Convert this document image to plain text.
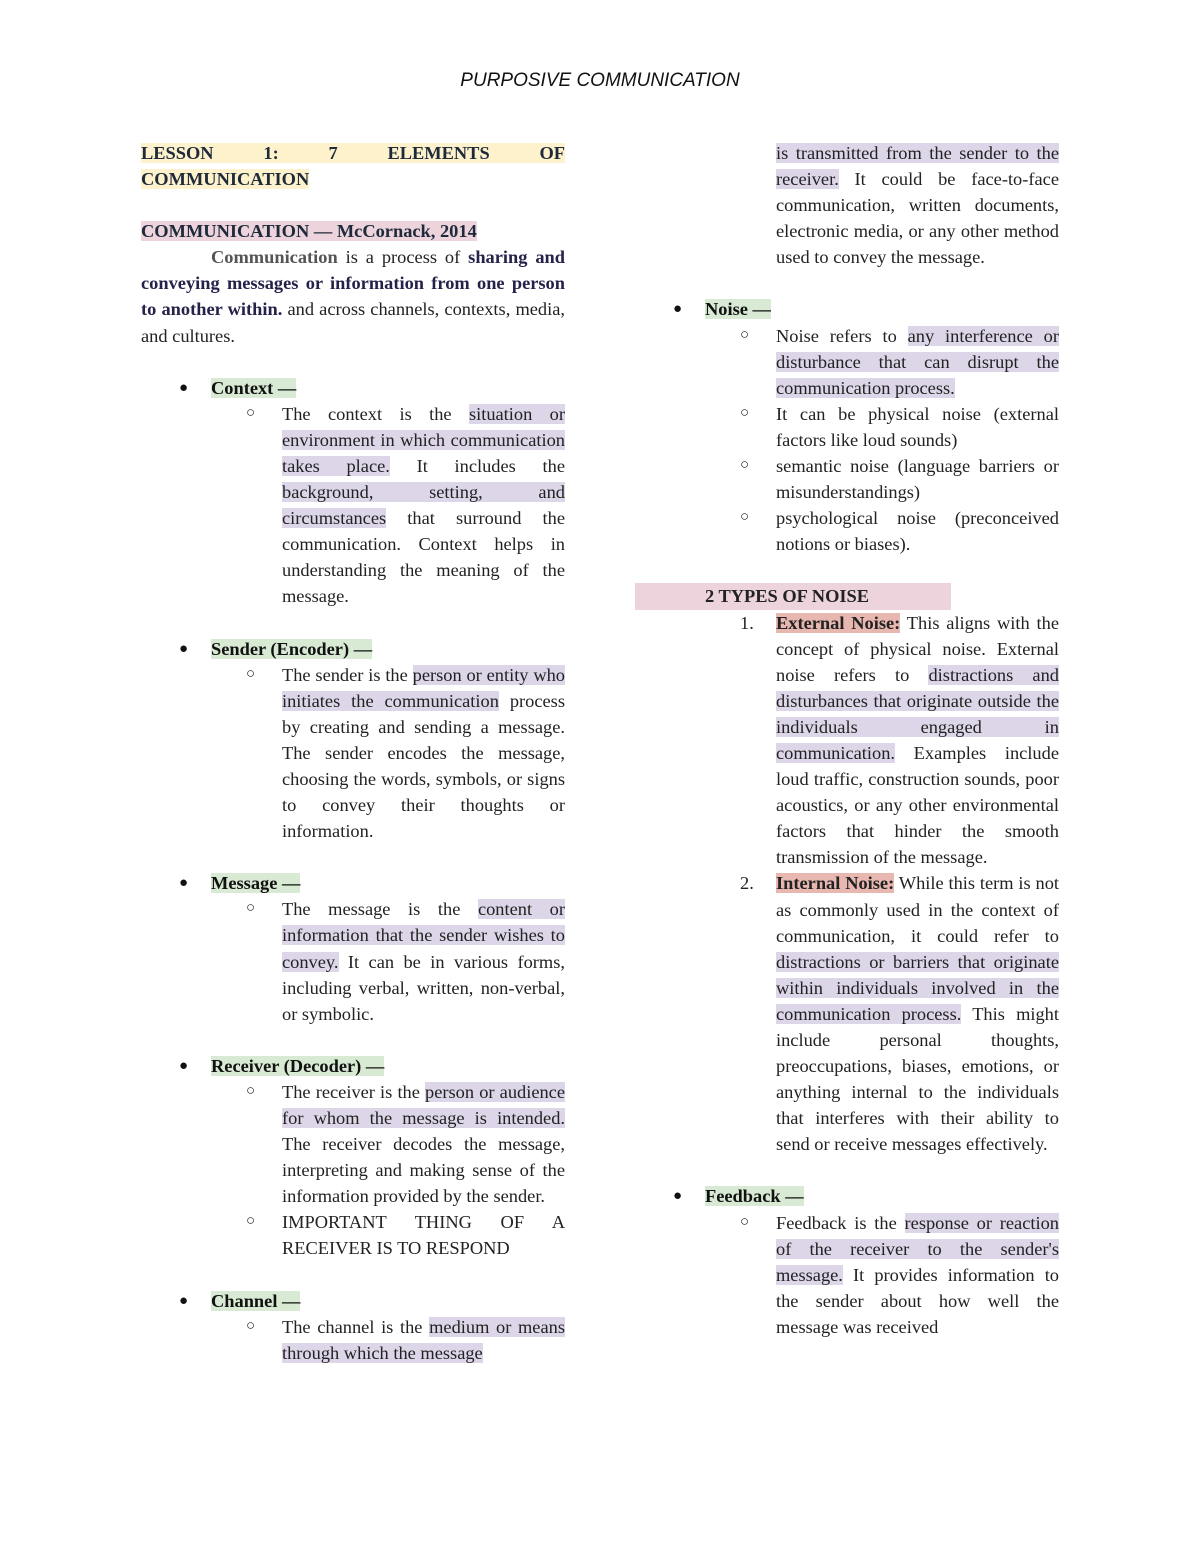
PURPOSIVE COMMUNICATION

LESSON 1: 7 ELEMENTS OF

COMMUNICATION

COMMUNICATION — McCornack, 2014

Communication is a process of sharing and conveying messages or information from one person to another within. and across channels, contexts, media, and cultures.

● Context —

○ The context is the situation or environment in which communication takes place. It includes the background, setting, and circumstances that surround the communication. Context helps in understanding the meaning of the message.

● Sender (Encoder) —

○ The sender is the person or entity who initiates the communication process by creating and sending a message. The sender encodes the message, choosing the words, symbols, or signs to convey their thoughts or information.

● Message —

○ The message is the content or information that the sender wishes to convey. It can be in various forms, including verbal, written, non-verbal, or symbolic.

● Receiver (Decoder) —

○ The receiver is the person or audience for whom the message is intended. The receiver decodes the message, interpreting and making sense of the information provided by the sender.

○ IMPORTANT THING OF A RECEIVER IS TO RESPOND

● Channel —

○ The channel is the medium or means through which the message

is transmitted from the sender to the receiver. It could be face-to-face communication, written documents, electronic media, or any other method used to convey the message.

● Noise —

○ Noise refers to any interference or disturbance that can disrupt the communication process.

○ It can be physical noise (external factors like loud sounds)

○ semantic noise (language barriers or misunderstandings)

○ psychological noise (preconceived notions or biases).

2 TYPES OF NOISE

1. External Noise: This aligns with the concept of physical noise. External noise refers to distractions and disturbances that originate outside the individuals engaged in communication. Examples include loud traffic, construction sounds, poor acoustics, or any other environmental factors that hinder the smooth transmission of the message.

2. Internal Noise: While this term is not as commonly used in the context of communication, it could refer to distractions or barriers that originate within individuals involved in the communication process. This might include personal thoughts, preoccupations, biases, emotions, or anything internal to the individuals that interferes with their ability to send or receive messages effectively.

● Feedback —

○ Feedback is the response or reaction of the receiver to the sender's message. It provides information to the sender about how well the message was received
